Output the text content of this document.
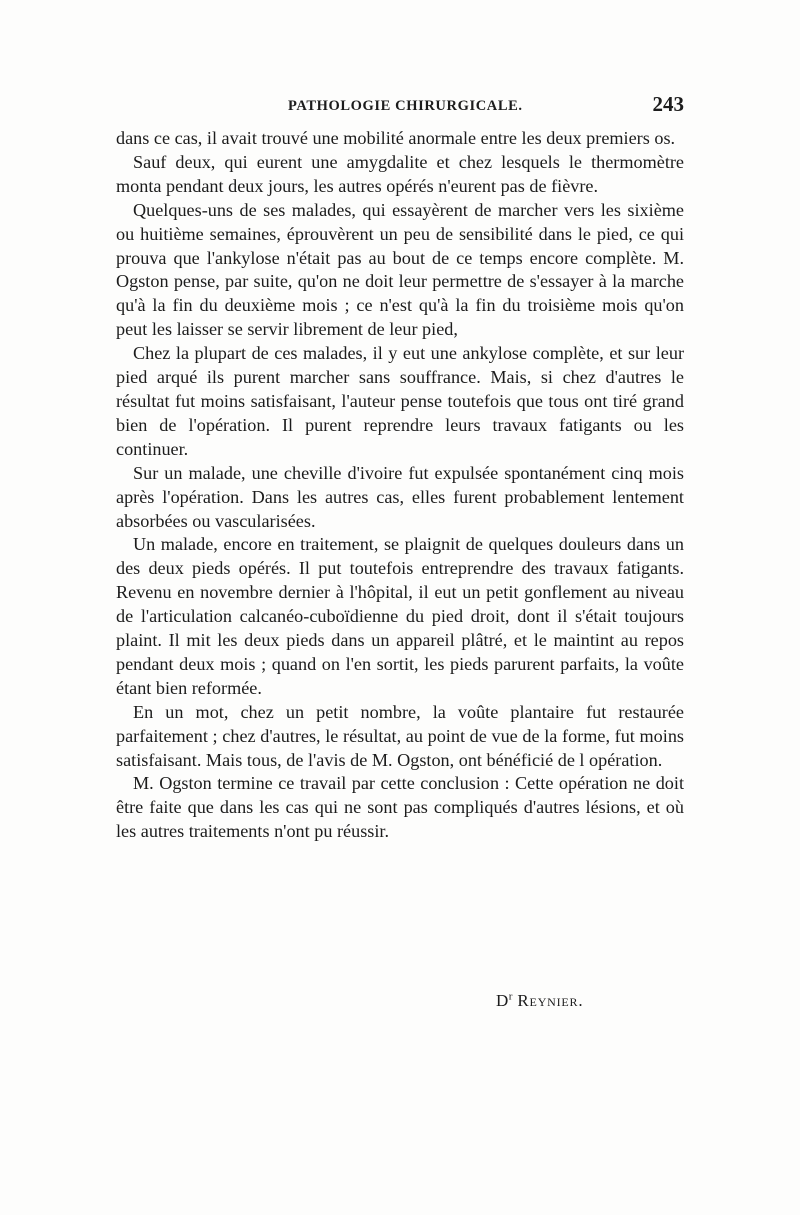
PATHOLOGIE CHIRURGICALE.	243

dans ce cas, il avait trouvé une mobilité anormale entre les deux premiers os.

Sauf deux, qui eurent une amygdalite et chez lesquels le thermomètre monta pendant deux jours, les autres opérés n'eurent pas de fièvre.

Quelques-uns de ses malades, qui essayèrent de marcher vers les sixième ou huitième semaines, éprouvèrent un peu de sensibilité dans le pied, ce qui prouva que l'ankylose n'était pas au bout de ce temps encore complète. M. Ogston pense, par suite, qu'on ne doit leur permettre de s'essayer à la marche qu'à la fin du deuxième mois ; ce n'est qu'à la fin du troisième mois qu'on peut les laisser se servir librement de leur pied,

Chez la plupart de ces malades, il y eut une ankylose complète, et sur leur pied arqué ils purent marcher sans souffrance. Mais, si chez d'autres le résultat fut moins satisfaisant, l'auteur pense toutefois que tous ont tiré grand bien de l'opération. Il purent reprendre leurs travaux fatigants ou les continuer.

Sur un malade, une cheville d'ivoire fut expulsée spontanément cinq mois après l'opération. Dans les autres cas, elles furent probablement lentement absorbées ou vascularisées.

Un malade, encore en traitement, se plaignit de quelques douleurs dans un des deux pieds opérés. Il put toutefois entreprendre des travaux fatigants. Revenu en novembre dernier à l'hôpital, il eut un petit gonflement au niveau de l'articulation calcanéo-cuboïdienne du pied droit, dont il s'était toujours plaint. Il mit les deux pieds dans un appareil plâtré, et le maintint au repos pendant deux mois ; quand on l'en sortit, les pieds parurent parfaits, la voûte étant bien reformée.

En un mot, chez un petit nombre, la voûte plantaire fut restaurée parfaitement ; chez d'autres, le résultat, au point de vue de la forme, fut moins satisfaisant. Mais tous, de l'avis de M. Ogston, ont bénéficié de l opération.

M. Ogston termine ce travail par cette conclusion : Cette opération ne doit être faite que dans les cas qui ne sont pas compliqués d'autres lésions, et où les autres traitements n'ont pu réussir.

$D^r$ Reynier.
